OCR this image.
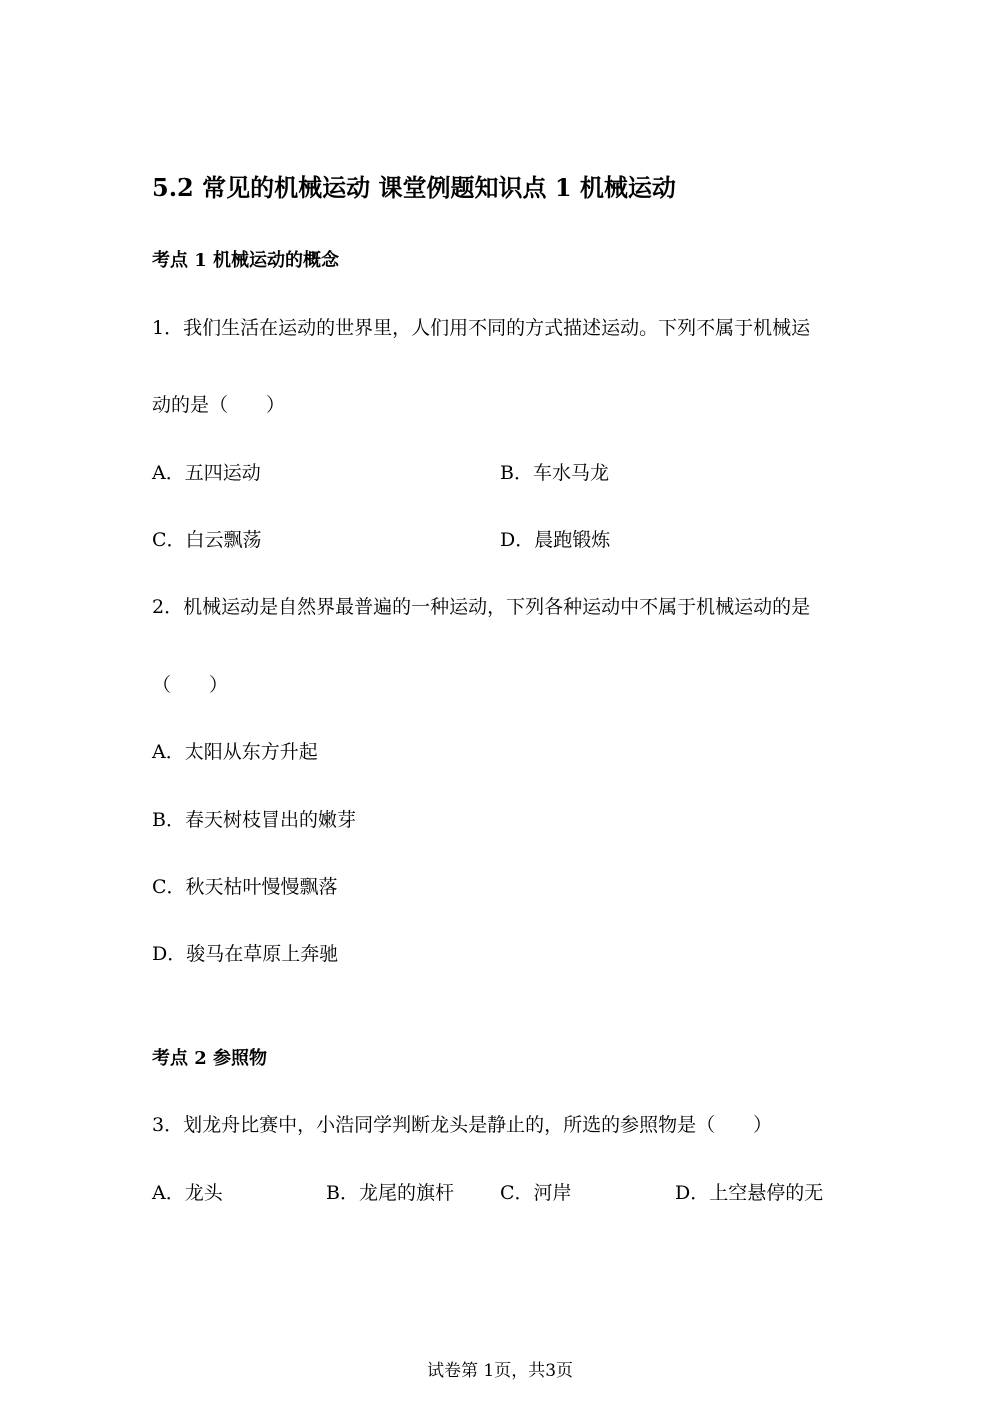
5.2 常见的机械运动 课堂例题知识点 1 机械运动
考点 1 机械运动的概念
1．我们生活在运动的世界里，人们用不同的方式描述运动。下列不属于机械运
动的是（　　）
A．五四运动	B．车水马龙
C．白云飘荡	D．晨跑锻炼
2．机械运动是自然界最普遍的一种运动，下列各种运动中不属于机械运动的是
（　　）
A．太阳从东方升起
B．春天树枝冒出的嫩芽
C．秋天枯叶慢慢飘落
D．骏马在草原上奔驰
考点 2 参照物
3．划龙舟比赛中，小浩同学判断龙头是静止的，所选的参照物是（　　）
A．龙头	B．龙尾的旗杆 C．河岸	D．上空悬停的无
试卷第 1页，共3页
